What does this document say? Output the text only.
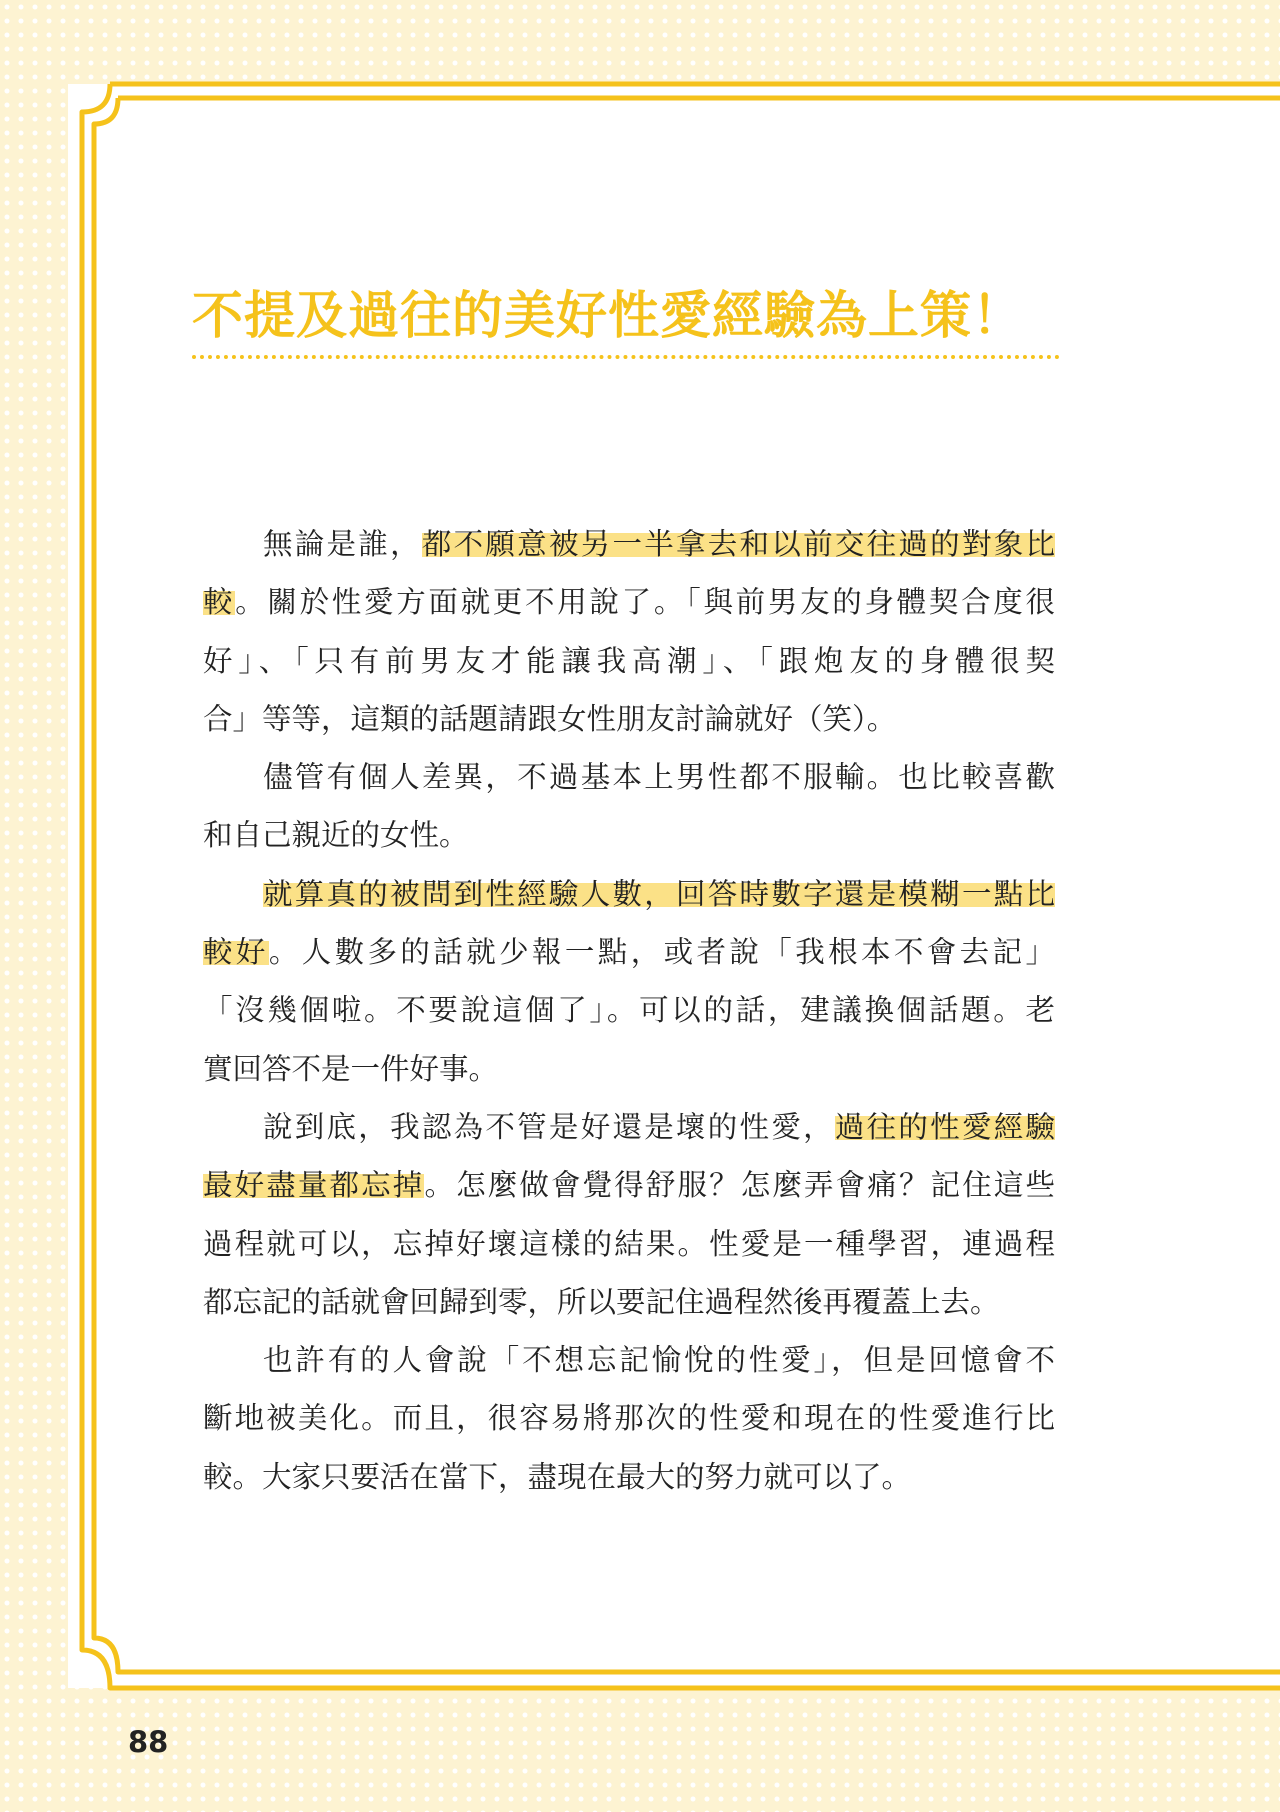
不提及過往的美好性愛經驗為上策！
無論是誰，都不願意被另一半拿去和以前交往過的對象比
較。關於性愛方面就更不用說了。「與前男友的身體契合度很
好」、「只有前男友才能讓我高潮」、「跟炮友的身體很契
合」等等，這類的話題請跟女性朋友討論就好（笑）。
儘管有個人差異，不過基本上男性都不服輸。也比較喜歡
和自己親近的女性。
就算真的被問到性經驗人數，回答時數字還是模糊一點比
較好。人數多的話就少報一點，或者說「我根本不會去記」
「沒幾個啦。不要說這個了」。可以的話，建議換個話題。老
實回答不是一件好事。
說到底，我認為不管是好還是壞的性愛，過往的性愛經驗
最好盡量都忘掉。怎麼做會覺得舒服？怎麼弄會痛？記住這些
過程就可以，忘掉好壞這樣的結果。性愛是一種學習，連過程
都忘記的話就會回歸到零，所以要記住過程然後再覆蓋上去。
也許有的人會說「不想忘記愉悅的性愛」，但是回憶會不
斷地被美化。而且，很容易將那次的性愛和現在的性愛進行比
較。大家只要活在當下，盡現在最大的努力就可以了。
88
